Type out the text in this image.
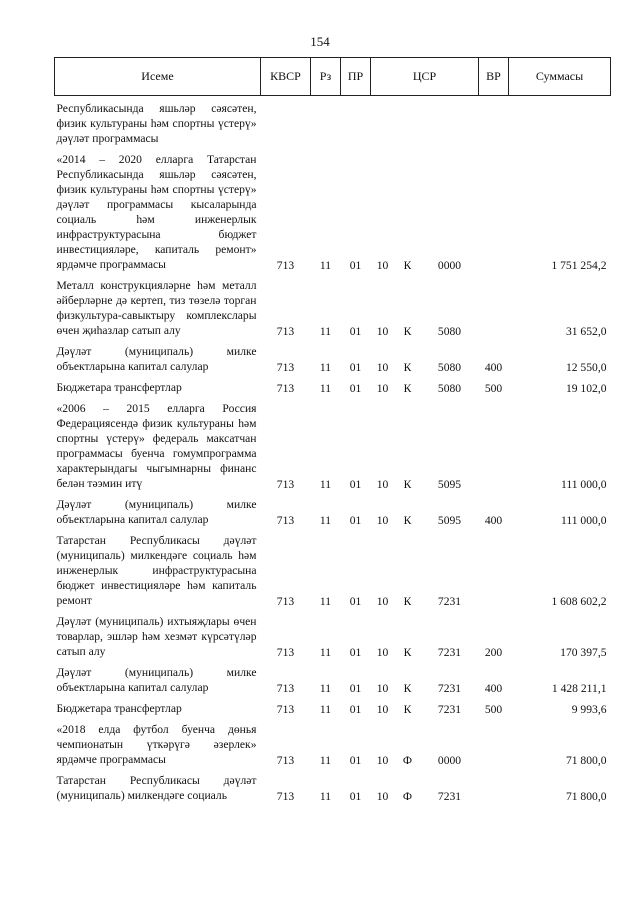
154
Исеме	КВСР	Рз	ПР	ЦСР			ВР	Суммасы
Республикасында яшьләр сәясәтен, физик культураны һәм спортны үстерү» дәүләт программасы								
«2014 – 2020 елларга Татарстан Республикасында яшьләр сәясәтен, физик культураны һәм спортны үстерү» дәүләт программасы кысаларында социаль һәм инженерлык инфраструктурасына бюджет инвестицияләре, капиталь ремонт» ярдәмче программасы	713	11	01	10	К	0000		1 751 254,2
Металл конструкцияләрне һәм металл әйберләрне дә кертеп, тиз төзелә торган физкультура-савыктыру комплекслары өчен җиһазлар сатып алу	713	11	01	10	К	5080		31 652,0
Дәүләт (муниципаль) милке объектларына капитал салулар	713	11	01	10	К	5080	400	12 550,0
Бюджетара трансфертлар	713	11	01	10	К	5080	500	19 102,0
«2006 – 2015 елларга Россия Федерациясендә физик культураны һәм спортны үстерү» федераль максатчан программасы буенча гомумпрограмма характерындагы чыгымнарны финанс белән тәэмин итү	713	11	01	10	К	5095		111 000,0
Дәүләт (муниципаль) милке объектларына капитал салулар	713	11	01	10	К	5095	400	111 000,0
Татарстан Республикасы дәүләт (муниципаль) милкендәге социаль һәм инженерлык инфраструктурасына бюджет инвестицияләре һәм капиталь ремонт	713	11	01	10	К	7231		1 608 602,2
Дәүләт (муниципаль) ихтыяҗлары өчен товарлар, эшләр һәм хезмәт күрсәтүләр сатып алу	713	11	01	10	К	7231	200	170 397,5
Дәүләт (муниципаль) милке объектларына капитал салулар	713	11	01	10	К	7231	400	1 428 211,1
Бюджетара трансфертлар	713	11	01	10	К	7231	500	9 993,6
«2018 елда футбол буенча дөнья чемпионатын үткәрүгә әзерлек» ярдәмче программасы	713	11	01	10	Ф	0000		71 800,0
Татарстан Республикасы дәүләт (муниципаль) милкендәге социаль	713	11	01	10	Ф	7231		71 800,0
